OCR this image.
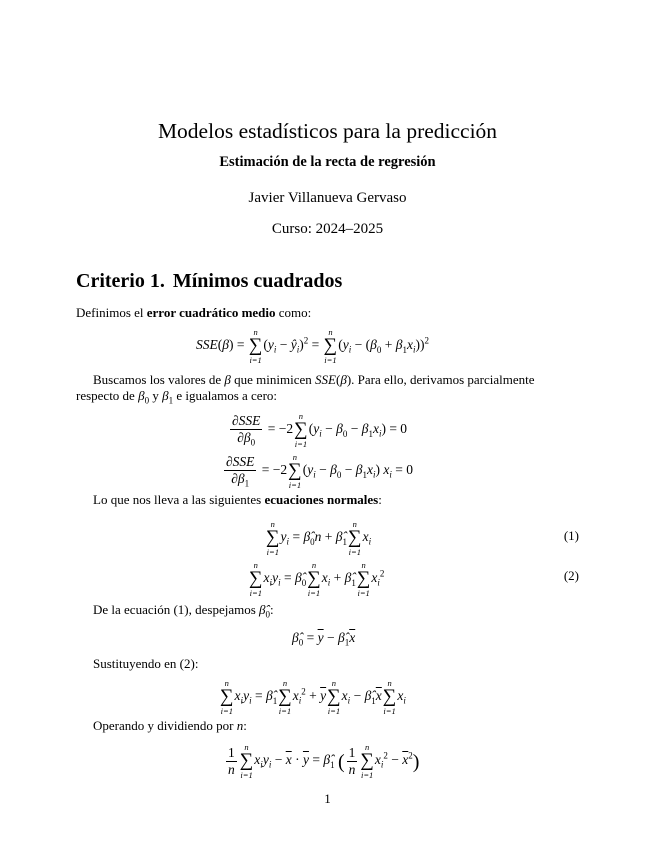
Modelos estadísticos para la predicción
Estimación de la recta de regresión
Javier Villanueva Gervaso
Curso: 2024–2025
Criterio 1. Mínimos cuadrados
Definimos el error cuadrático medio como:
SSE(β) =
n
∑
i=1
($y_i$ − $ŷ_i)^2$ =
n
∑
i=1
$(y_i - (\beta_0 + \beta_1x_i))^2$
Buscamos los valores de β que minimicen SSE(β). Para ello, derivamos parcialmente
respecto de $\beta_0$ y $\beta_1$ e igualamos a cero:
$\frac{\text{∂SSE}}{\partial\beta_0} = -2$
n
∑
i=1
$(y_i - \beta_0 - \beta_1x_i) = 0$
$\frac{\text{∂SSE}}{\partial\beta_1} = -2$
n
∑
i=1
$(y_i - \beta_0 - \beta_1x_i) x_i = 0$
Lo que nos lleva a las siguientes ecuaciones normales:
n
∑
i=1
$y_i$ = $\betâ_0n$ + $\betâ_1$
n
∑
i=1
$x_i$	(1)
n
∑
i=1
$x_iy_i$ = $\betâ_0$
n
∑
i=1
$x_i$ + $\betâ_1$
n
∑
i=1
$x_i^2$	(2)
De la ecuación (1), despejamos $\betâ_0$:
$\betâ_0 = \overline{y}$ − $\betâ_1\overline{x}$
Sustituyendo en (2):
n
∑
i=1
$x_iy_i$ = $\betâ_1$
n
∑
i=1
$x_i^2 + \overline{y}$
n
∑
i=1
$x_i$ − $\betâ_1\overline{x}$
n
∑
i=1
$x_i$
Operando y dividiendo por n:
$\frac{1}{n}$ n
∑
i=1
$x_iy_i - \overline{x} \cdot \overline{y}$ = $\betâ_1$ ( $\frac{1}{n}$ n
∑
i=1
$x_i^2 - \overline{x}^2$)
1
